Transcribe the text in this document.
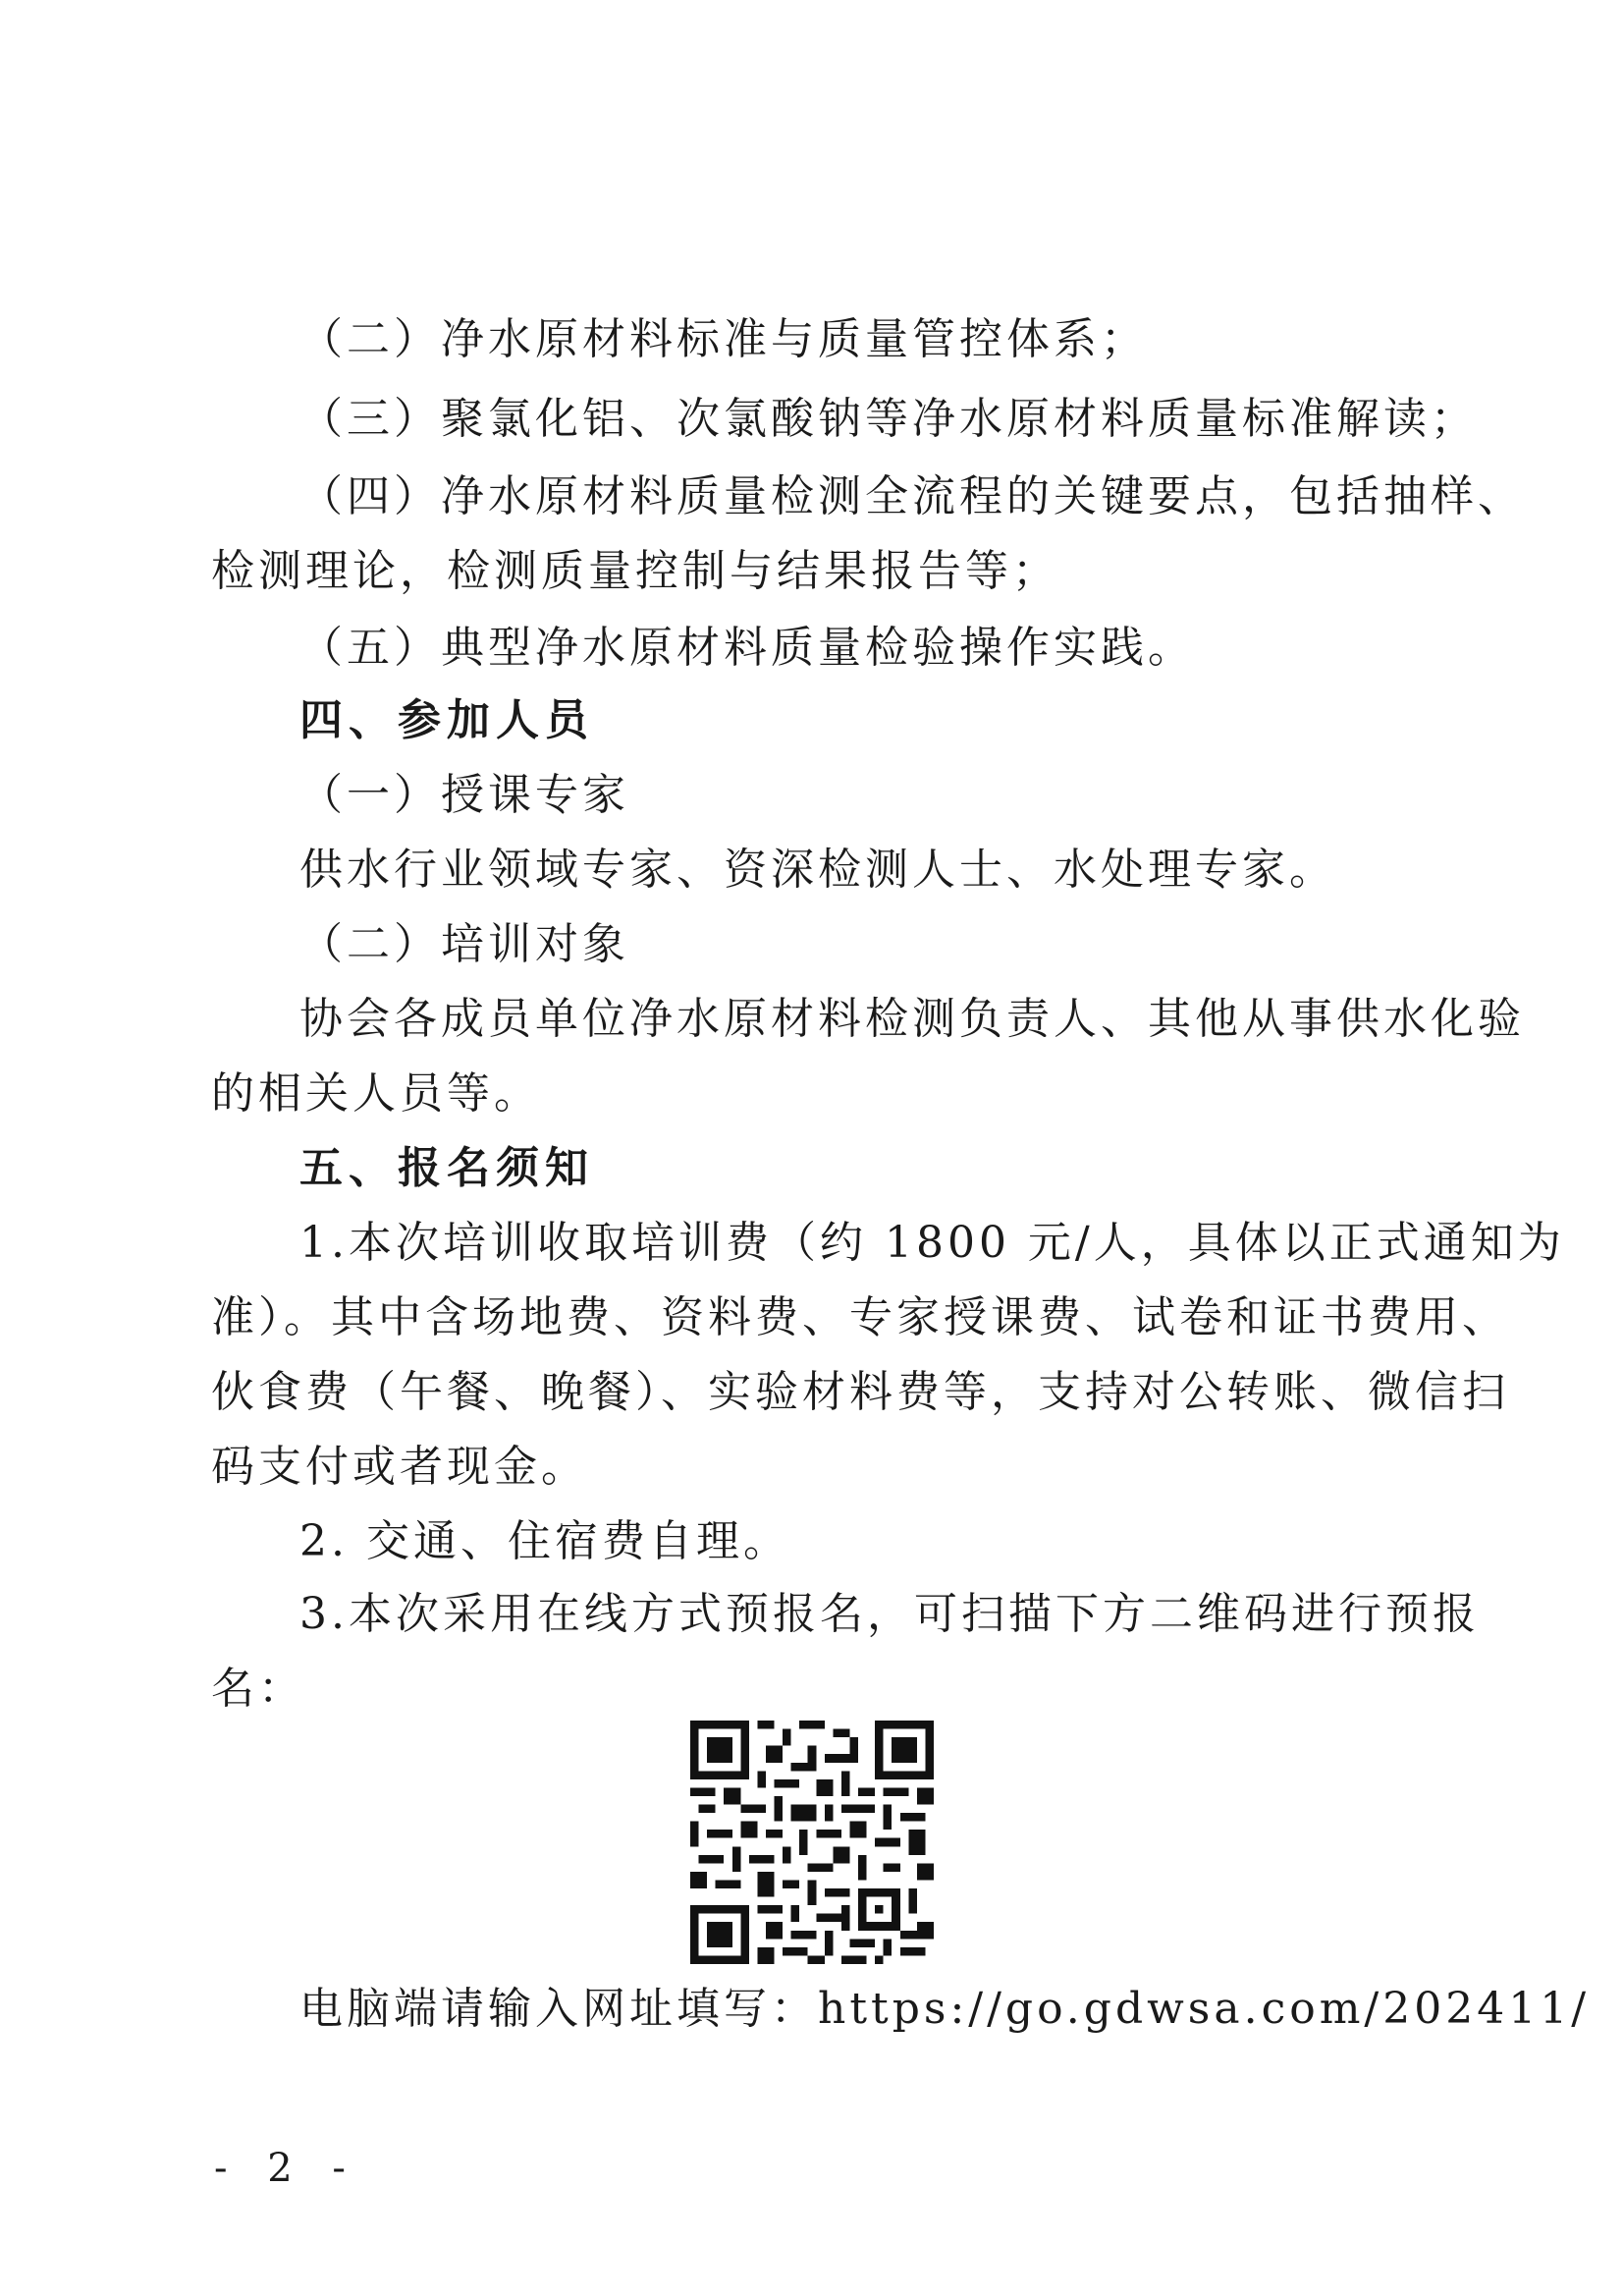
（二）净水原材料标准与质量管控体系；
（三）聚氯化铝、次氯酸钠等净水原材料质量标准解读；
（四）净水原材料质量检测全流程的关键要点，包括抽样、
检测理论，检测质量控制与结果报告等；
（五）典型净水原材料质量检验操作实践。
四、参加人员
（一）授课专家
供水行业领域专家、资深检测人士、水处理专家。
（二）培训对象
协会各成员单位净水原材料检测负责人、其他从事供水化验
的相关人员等。
五、报名须知
1.本次培训收取培训费（约 1800 元/人，具体以正式通知为
准）。其中含场地费、资料费、专家授课费、试卷和证书费用、
伙食费（午餐、晚餐）、实验材料费等，支持对公转账、微信扫
码支付或者现金。
2. 交通、住宿费自理。
3.本次采用在线方式预报名，可扫描下方二维码进行预报
名：
电脑端请输入网址填写：https://go.gdwsa.com/202411/
- 2 -
